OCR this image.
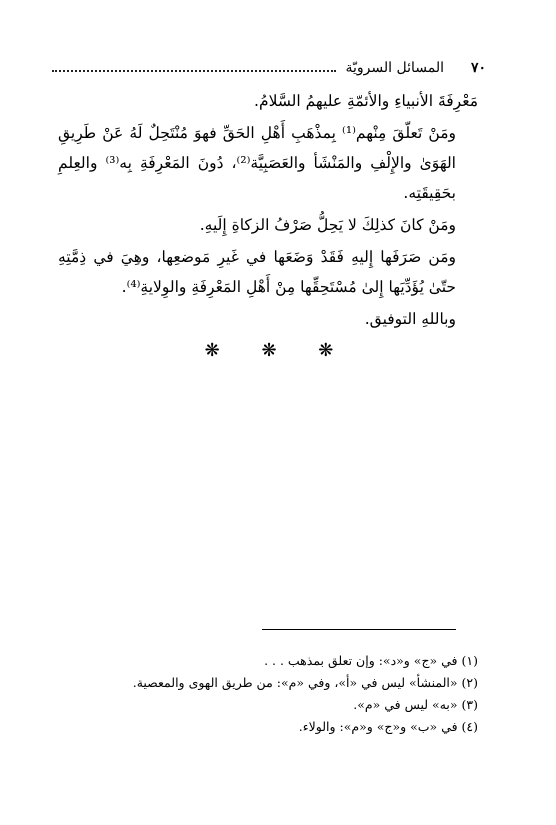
٧٠
المسائل السرويّة

مَعْرِفَةَ الأنبياءِ والأئمّةِ عليهمُ السَّلامُ.

ومَنْ تَعلّقَ مِنْهم⁽¹⁾ بِمذْهَبِ أَهْلِ الحَقِّ فهوَ مُنْتَحِلٌ لَهُ عَنْ طَرِيقِ الهَوَىٰ والإِلْفِ والمَنْشَأ والعَصَبِيَّة⁽²⁾، دُونَ المَعْرِفَةِ بِه⁽³⁾ والعِلمِ بحَقِيقَتِه.

ومَنْ كانَ كذلِكَ لا يَحِلُّ صَرْفُ الزكاةِ إِلَيهِ.

ومَن صَرَفَها إِليهِ فَقَدْ وَضَعَها في غَيرِ مَوضعِها، وهِيَ في ذِمَّتِهِ حتّىٰ يُؤَدِّيَها إِلىٰ مُسْتَحِقِّها مِنْ أَهْلِ المَعْرِفَةِ والوِلايةِ⁽⁴⁾.

وباللهِ التوفيق.

❋ ❋ ❋
(١) في «ج» و«د»: وإن تعلق بمذهب . . .
(٢) «المنشأ» ليس في «أ»، وفي «م»: من طريق الهوى والمعصية.
(٣) «به» ليس في «م».
(٤) في «ب» و«ج» و«م»: والولاء.
